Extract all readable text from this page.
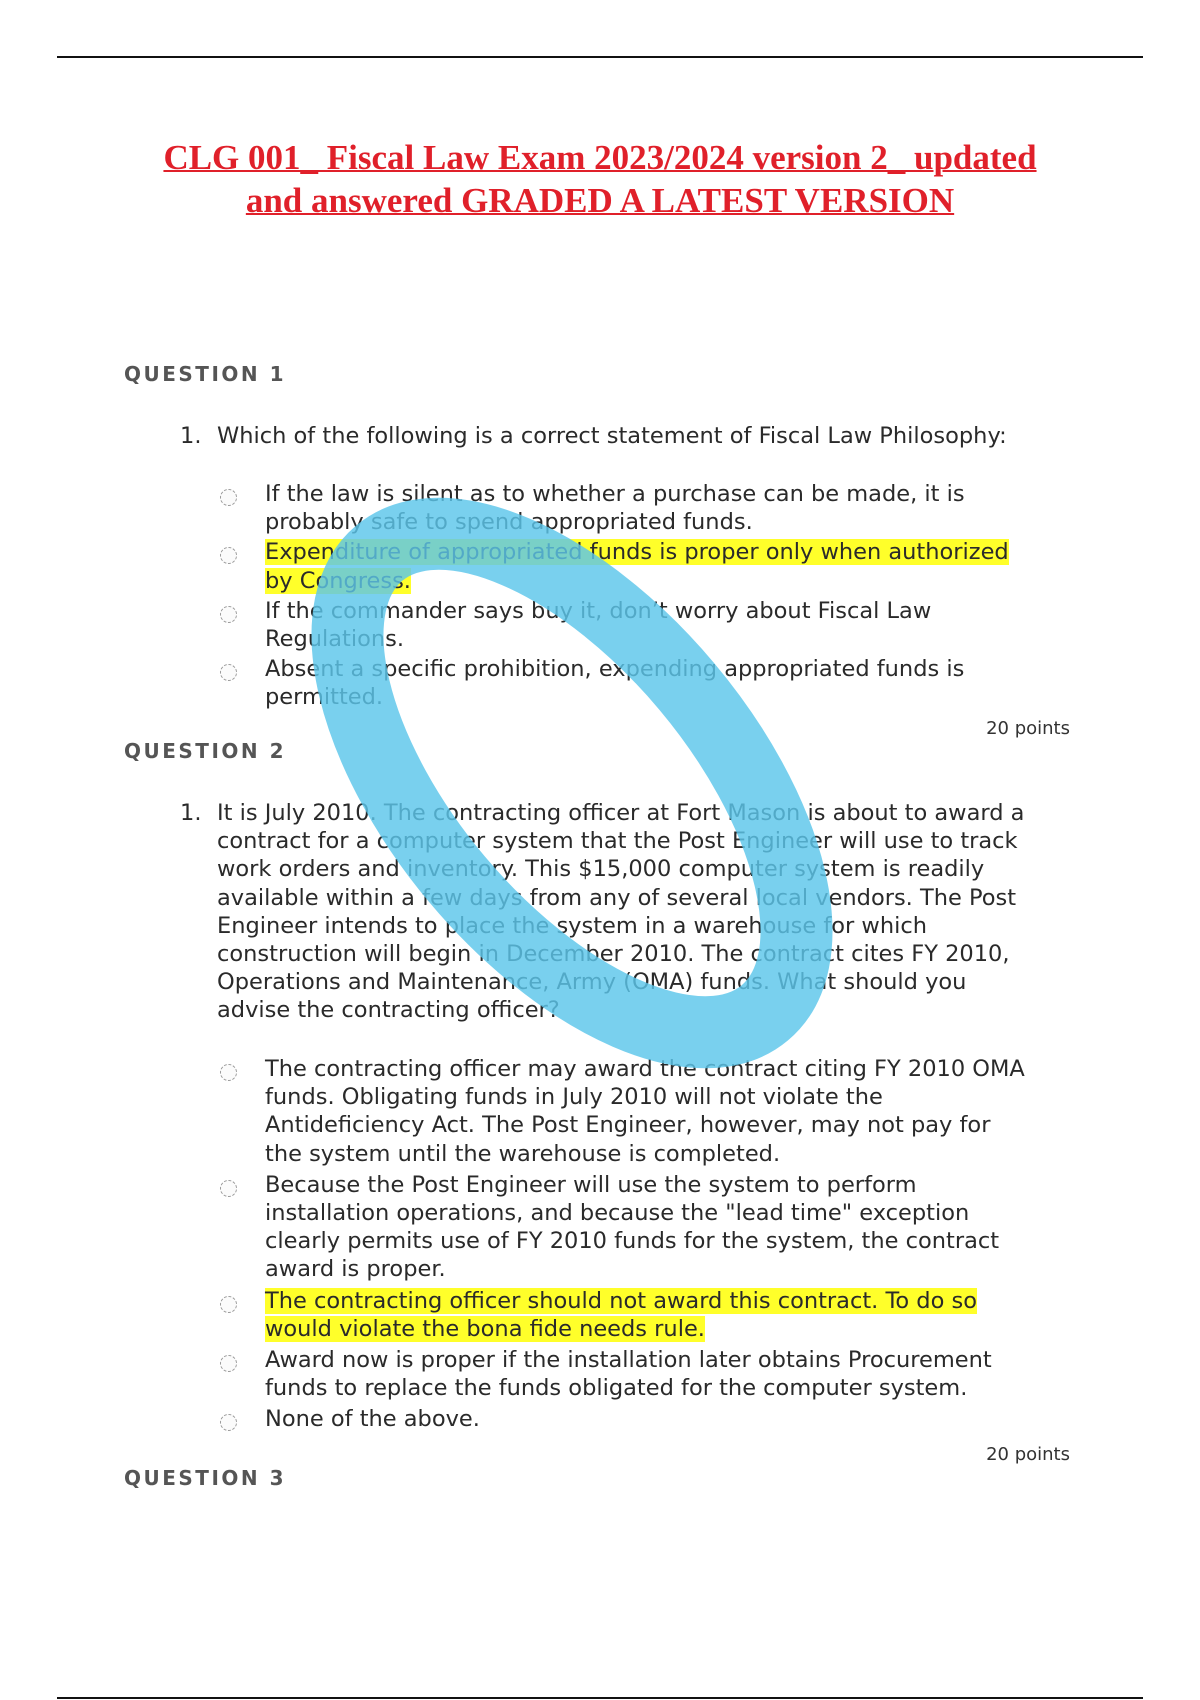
CLG 001_ Fiscal Law Exam 2023/2024 version 2_ updated
and answered GRADED A LATEST VERSION
QUESTION 1
1. Which of the following is a correct statement of Fiscal Law Philosophy:
If the law is silent as to whether a purchase can be made, it is
probably safe to spend appropriated funds.
Expenditure of appropriated funds is proper only when authorized
by Congress.
If the commander says buy it, don’t worry about Fiscal Law
Regulations.
Absent a specific prohibition, expending appropriated funds is
permitted.
20 points
QUESTION 2
1. It is July 2010. The contracting officer at Fort Mason is about to award a
contract for a computer system that the Post Engineer will use to track
work orders and inventory. This $15,000 computer system is readily
available within a few days from any of several local vendors. The Post
Engineer intends to place the system in a warehouse for which
construction will begin in December 2010. The contract cites FY 2010,
Operations and Maintenance, Army (OMA) funds. What should you
advise the contracting officer?
The contracting officer may award the contract citing FY 2010 OMA
funds. Obligating funds in July 2010 will not violate the
Antideficiency Act. The Post Engineer, however, may not pay for
the system until the warehouse is completed.
Because the Post Engineer will use the system to perform
installation operations, and because the "lead time" exception
clearly permits use of FY 2010 funds for the system, the contract
award is proper.
The contracting officer should not award this contract. To do so
would violate the bona fide needs rule.
Award now is proper if the installation later obtains Procurement
funds to replace the funds obligated for the computer system.
None of the above.
20 points
QUESTION 3
